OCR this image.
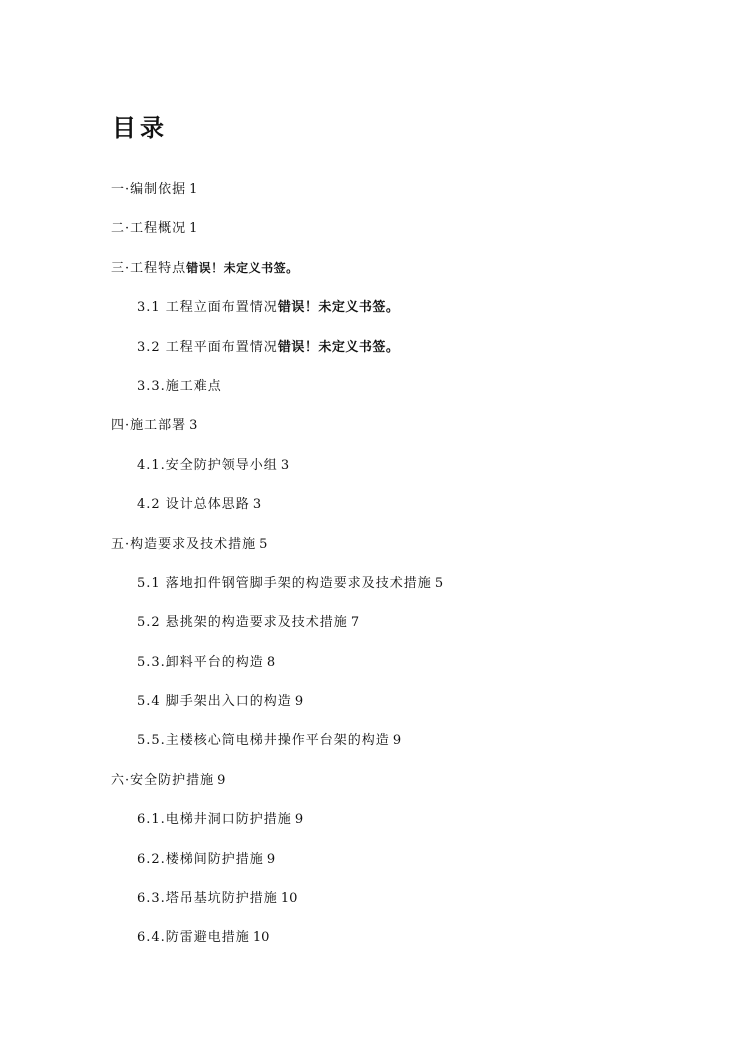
目录
一·编制依据 1
二·工程概况 1
三·工程特点错误！未定义书签。
3.1 工程立面布置情况错误！未定义书签。
3.2 工程平面布置情况错误！未定义书签。
3.3.施工难点
四·施工部署 3
4.1.安全防护领导小组 3
4.2 设计总体思路 3
五·构造要求及技术措施 5
5.1 落地扣件钢管脚手架的构造要求及技术措施 5
5.2 悬挑架的构造要求及技术措施 7
5.3.卸料平台的构造 8
5.4 脚手架出入口的构造 9
5.5.主楼核心筒电梯井操作平台架的构造 9
六·安全防护措施 9
6.1.电梯井洞口防护措施 9
6.2.楼梯间防护措施 9
6.3.塔吊基坑防护措施 10
6.4.防雷避电措施 10
